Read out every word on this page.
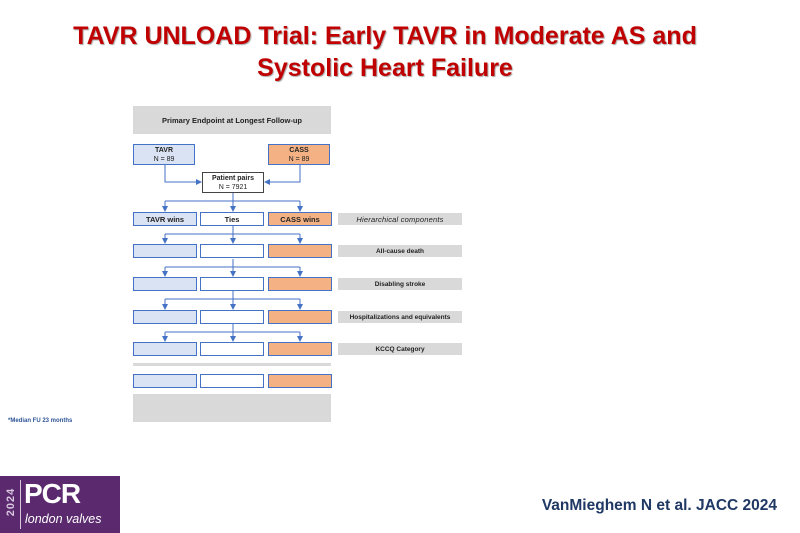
TAVR UNLOAD Trial: Early TAVR in Moderate AS and
Systolic Heart Failure
Primary Endpoint at Longest Follow-up
TAVR
N = 89
CASS
N = 89
Patient pairs
N = 7921
TAVR wins	Ties	CASS wins	Hierarchical components
All-cause death
Disabling stroke
Hospitalizations and equivalents
KCCQ Category
*Median FU 23 months
2024 PCR
london valves
VanMieghem N et al. JACC 2024
